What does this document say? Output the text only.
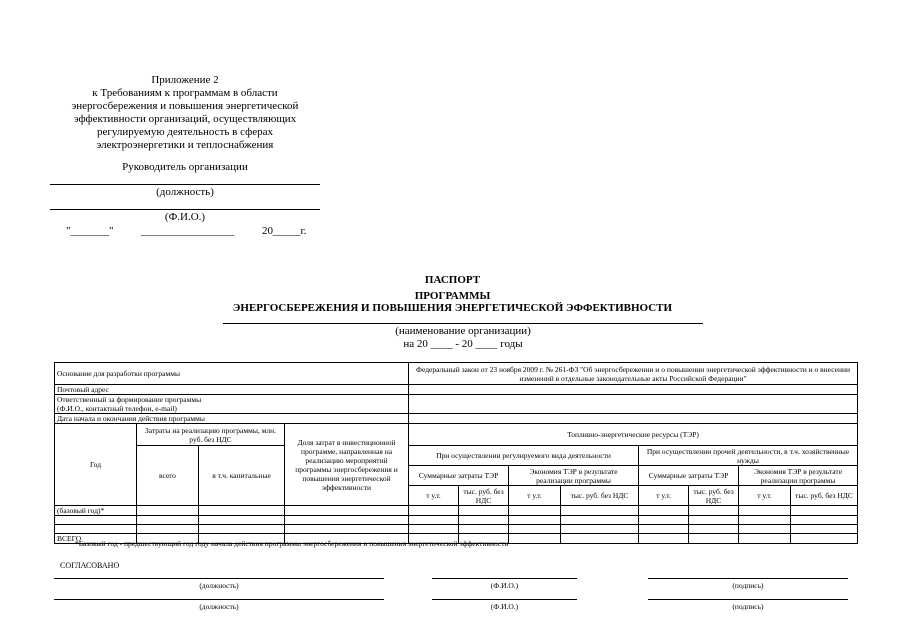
Приложение 2
к Требованиям к программам в области
энергосбережения и повышения энергетической
эффективности организаций, осуществляющих
регулируемую деятельность в сферах
электроэнергетики и теплоснабжения
Руководитель организации
(должность)
(Ф.И.О.)
"_______"          _________________          20_____г.
ПАСПОРТ
ПРОГРАММЫ
ЭНЕРГОСБЕРЕЖЕНИЯ И ПОВЫШЕНИЯ ЭНЕРГЕТИЧЕСКОЙ ЭФФЕКТИВНОСТИ
(наименование организации)
на 20 ____ - 20 ____ годы
Основание для разработки программы				Федеральный закон от 23 ноября 2009 г. № 261-ФЗ "Об энергосбережении и о повышении энергетической эффективности и о внесении изменений в отдельные законодательные акты Российской Федерации"							
Почтовый адрес											

Ответственный за формирование программы
(Ф.И.О., контактный телефон, e-mail)											

Дата начала и окончания действия программы											
Год	Затраты на реализацию программы, млн. руб. без НДС		Доля затрат в инвестиционной программе, направленная на реализацию мероприятий программы энергосбережения и повышения энергетической эффективности	Топливно-энергетические ресурсы (ТЭР)							
	всего	в т.ч. капитальные		При осуществлении регулируемого вида деятельности				При осуществлении прочей деятельности, в т.ч. хозяйственные нужды			
				Суммарные затраты ТЭР		Экономия ТЭР в результате реализации программы		Суммарные затраты ТЭР		Экономия ТЭР в результате реализации программы	
				т у.т.	тыс. руб. без НДС	т у.т.	тыс. руб. без НДС	т у.т.	тыс. руб. без НДС	т у.т.	тыс. руб. без НДС
(базовый год)*											

ВСЕГО											
*Базовый год - предшествующий год году начала действия программы энергосбережения и повышения энергетической эффективности
СОГЛАСОВАНО
(должность)	(Ф.И.О.)	(подпись)
(должность)	(Ф.И.О.)	(подпись)
